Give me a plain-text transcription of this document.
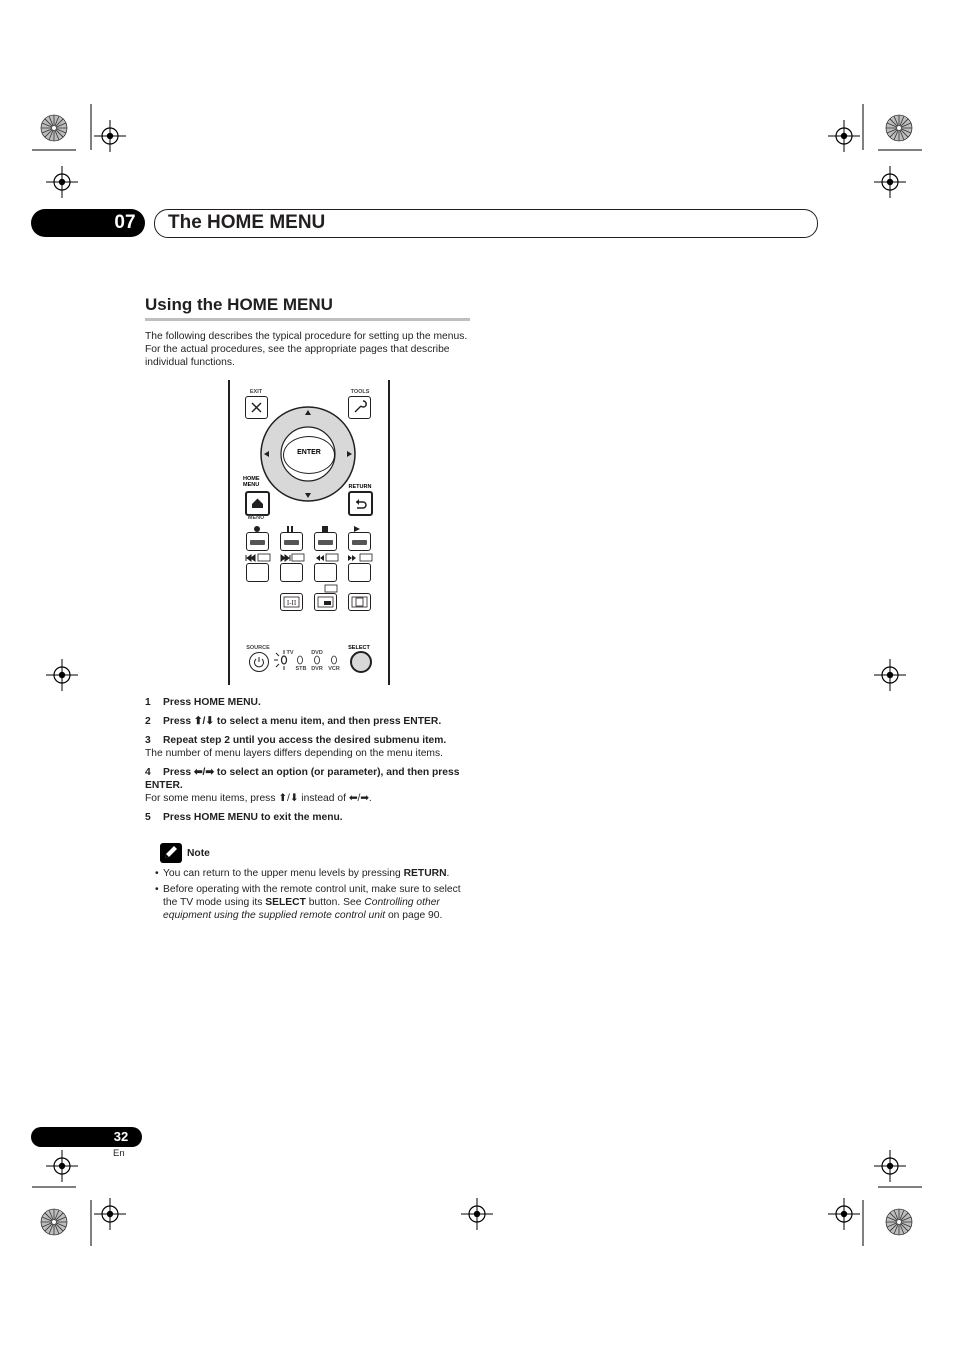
07	The HOME MENU
Using the HOME MENU
The following describes the typical procedure for setting up the menus. For the actual procedures, see the appropriate pages that describe individual functions.
EXIT	TOOLS
ENTER
HOME
MENU	RETURN
MENU
I-II
SOURCE
TV	DVD
STB DVR VCR
SELECT
1 Press HOME MENU.
2 Press ⬆/⬇ to select a menu item, and then press ENTER.
3 Repeat step 2 until you access the desired submenu item.
The number of menu layers differs depending on the menu items.
4 Press ⬅/➡ to select an option (or parameter), and then press ENTER.
For some menu items, press ⬆/⬇ instead of ⬅/➡.
5 Press HOME MENU to exit the menu.
Note
• You can return to the upper menu levels by pressing RETURN.
• Before operating with the remote control unit, make sure to select the TV mode using its SELECT button. See Controlling other equipment using the supplied remote control unit on page 90.
32
En
